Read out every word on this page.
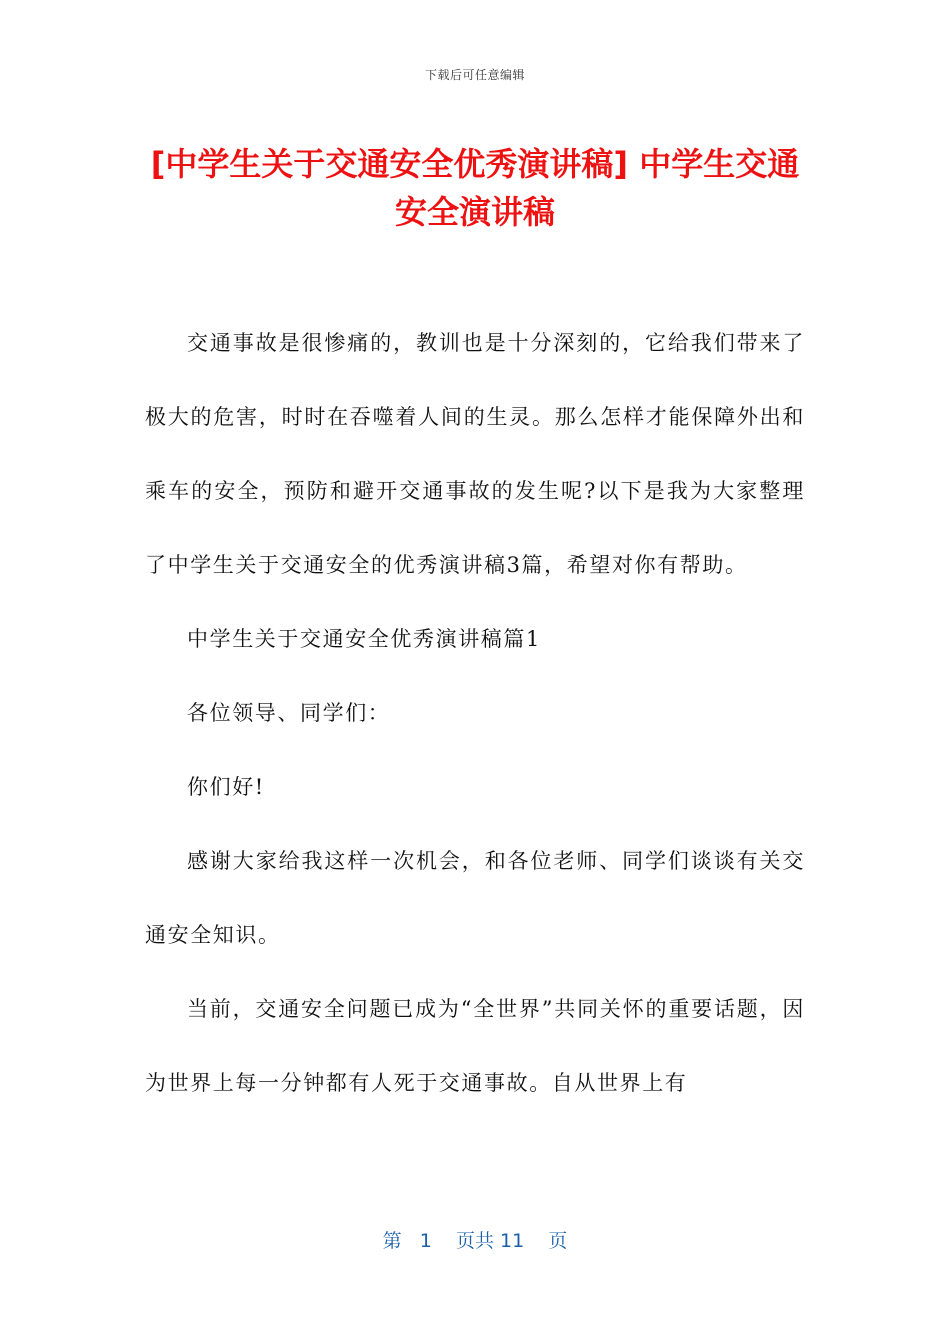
下载后可任意编辑
[中学生关于交通安全优秀演讲稿] 中学生交通安全演讲稿

交通事故是很惨痛的，教训也是十分深刻的，它给我们带来了极大的危害，时时在吞噬着人间的生灵。那么怎样才能保障外出和乘车的安全，预防和避开交通事故的发生呢?以下是我为大家整理了中学生关于交通安全的优秀演讲稿3篇，希望对你有帮助。

中学生关于交通安全优秀演讲稿篇1

各位领导、同学们：

你们好!

感谢大家给我这样一次机会，和各位老师、同学们谈谈有关交通安全知识。

当前，交通安全问题已成为“全世界”共同关怀的重要话题，因为世界上每一分钟都有人死于交通事故。自从世界上有

第 1 页共 11 页
